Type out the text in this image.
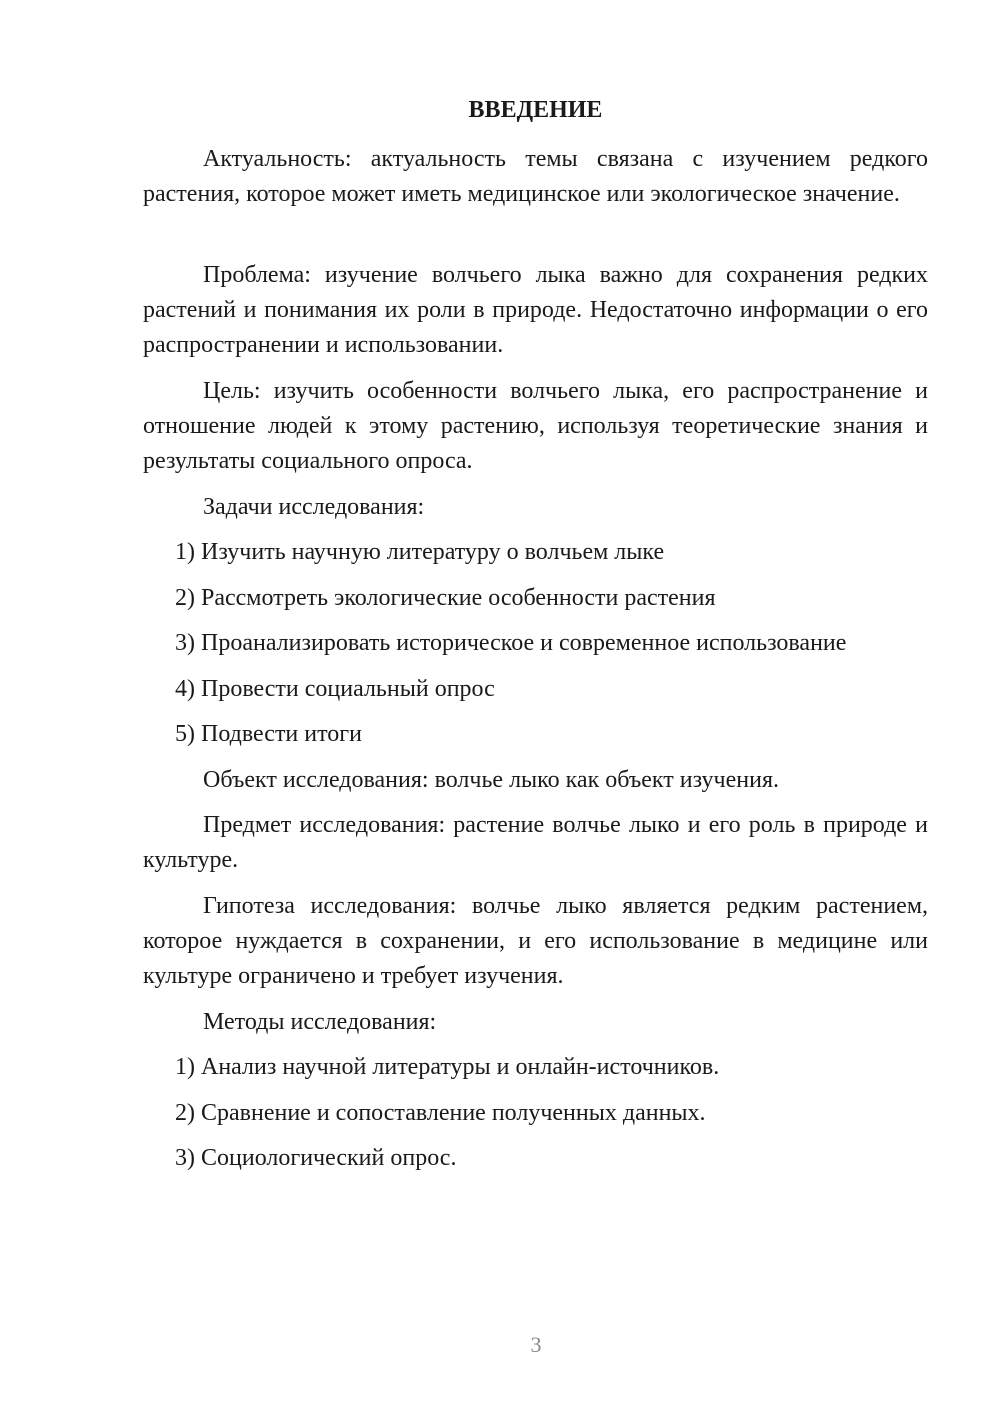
ВВЕДЕНИЕ

Актуальность: актуальность темы связана с изучением редкого растения, которое может иметь медицинское или экологическое значение.

Проблема: изучение волчьего лыка важно для сохранения редких растений и понимания их роли в природе. Недостаточно информации о его распространении и использовании.

Цель: изучить особенности волчьего лыка, его распространение и отношение людей к этому растению, используя теоретические знания и результаты социального опроса.

Задачи исследования:

1) Изучить научную литературу о волчьем лыке

2) Рассмотреть экологические особенности растения

3) Проанализировать историческое и современное использование

4) Провести социальный опрос

5) Подвести итоги

Объект исследования: волчье лыко как объект изучения.

Предмет исследования: растение волчье лыко и его роль в природе и культуре.

Гипотеза исследования: волчье лыко является редким растением, которое нуждается в сохранении, и его использование в медицине или культуре ограничено и требует изучения.

Методы исследования:

1) Анализ научной литературы и онлайн-источников.

2) Сравнение и сопоставление полученных данных.

3) Социологический опрос.

3
